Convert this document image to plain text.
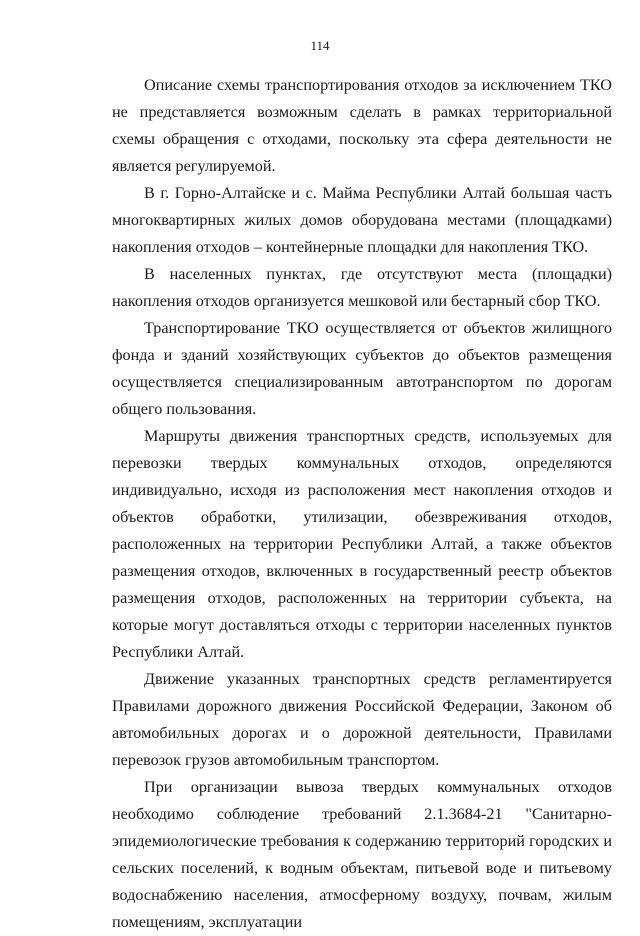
114

Описание схемы транспортирования отходов за исключением ТКО не представляется возможным сделать в рамках территориальной схемы обращения с отходами, поскольку эта сфера деятельности не является регулируемой.

В г. Горно-Алтайске и с. Майма Республики Алтай большая часть многоквартирных жилых домов оборудована местами (площадками) накопления отходов – контейнерные площадки для накопления ТКО.

В населенных пунктах, где отсутствуют места (площадки) накопления отходов организуется мешковой или бестарный сбор ТКО.

Транспортирование ТКО осуществляется от объектов жилищного фонда и зданий хозяйствующих субъектов до объектов размещения осуществляется специализированным автотранспортом по дорогам общего пользования.

Маршруты движения транспортных средств, используемых для перевозки твердых коммунальных отходов, определяются индивидуально, исходя из расположения мест накопления отходов и объектов обработки, утилизации, обезвреживания отходов, расположенных на территории Республики Алтай, а также объектов размещения отходов, включенных в государственный реестр объектов размещения отходов, расположенных на территории субъекта, на которые могут доставляться отходы с территории населенных пунктов Республики Алтай.

Движение указанных транспортных средств регламентируется Правилами дорожного движения Российской Федерации, Законом об автомобильных дорогах и о дорожной деятельности, Правилами перевозок грузов автомобильным транспортом.

При организации вывоза твердых коммунальных отходов необходимо соблюдение требований 2.1.3684-21 "Санитарно-эпидемиологические требования к содержанию территорий городских и сельских поселений, к водным объектам, питьевой воде и питьевому водоснабжению населения, атмосферному воздуху, почвам, жилым помещениям, эксплуатации
